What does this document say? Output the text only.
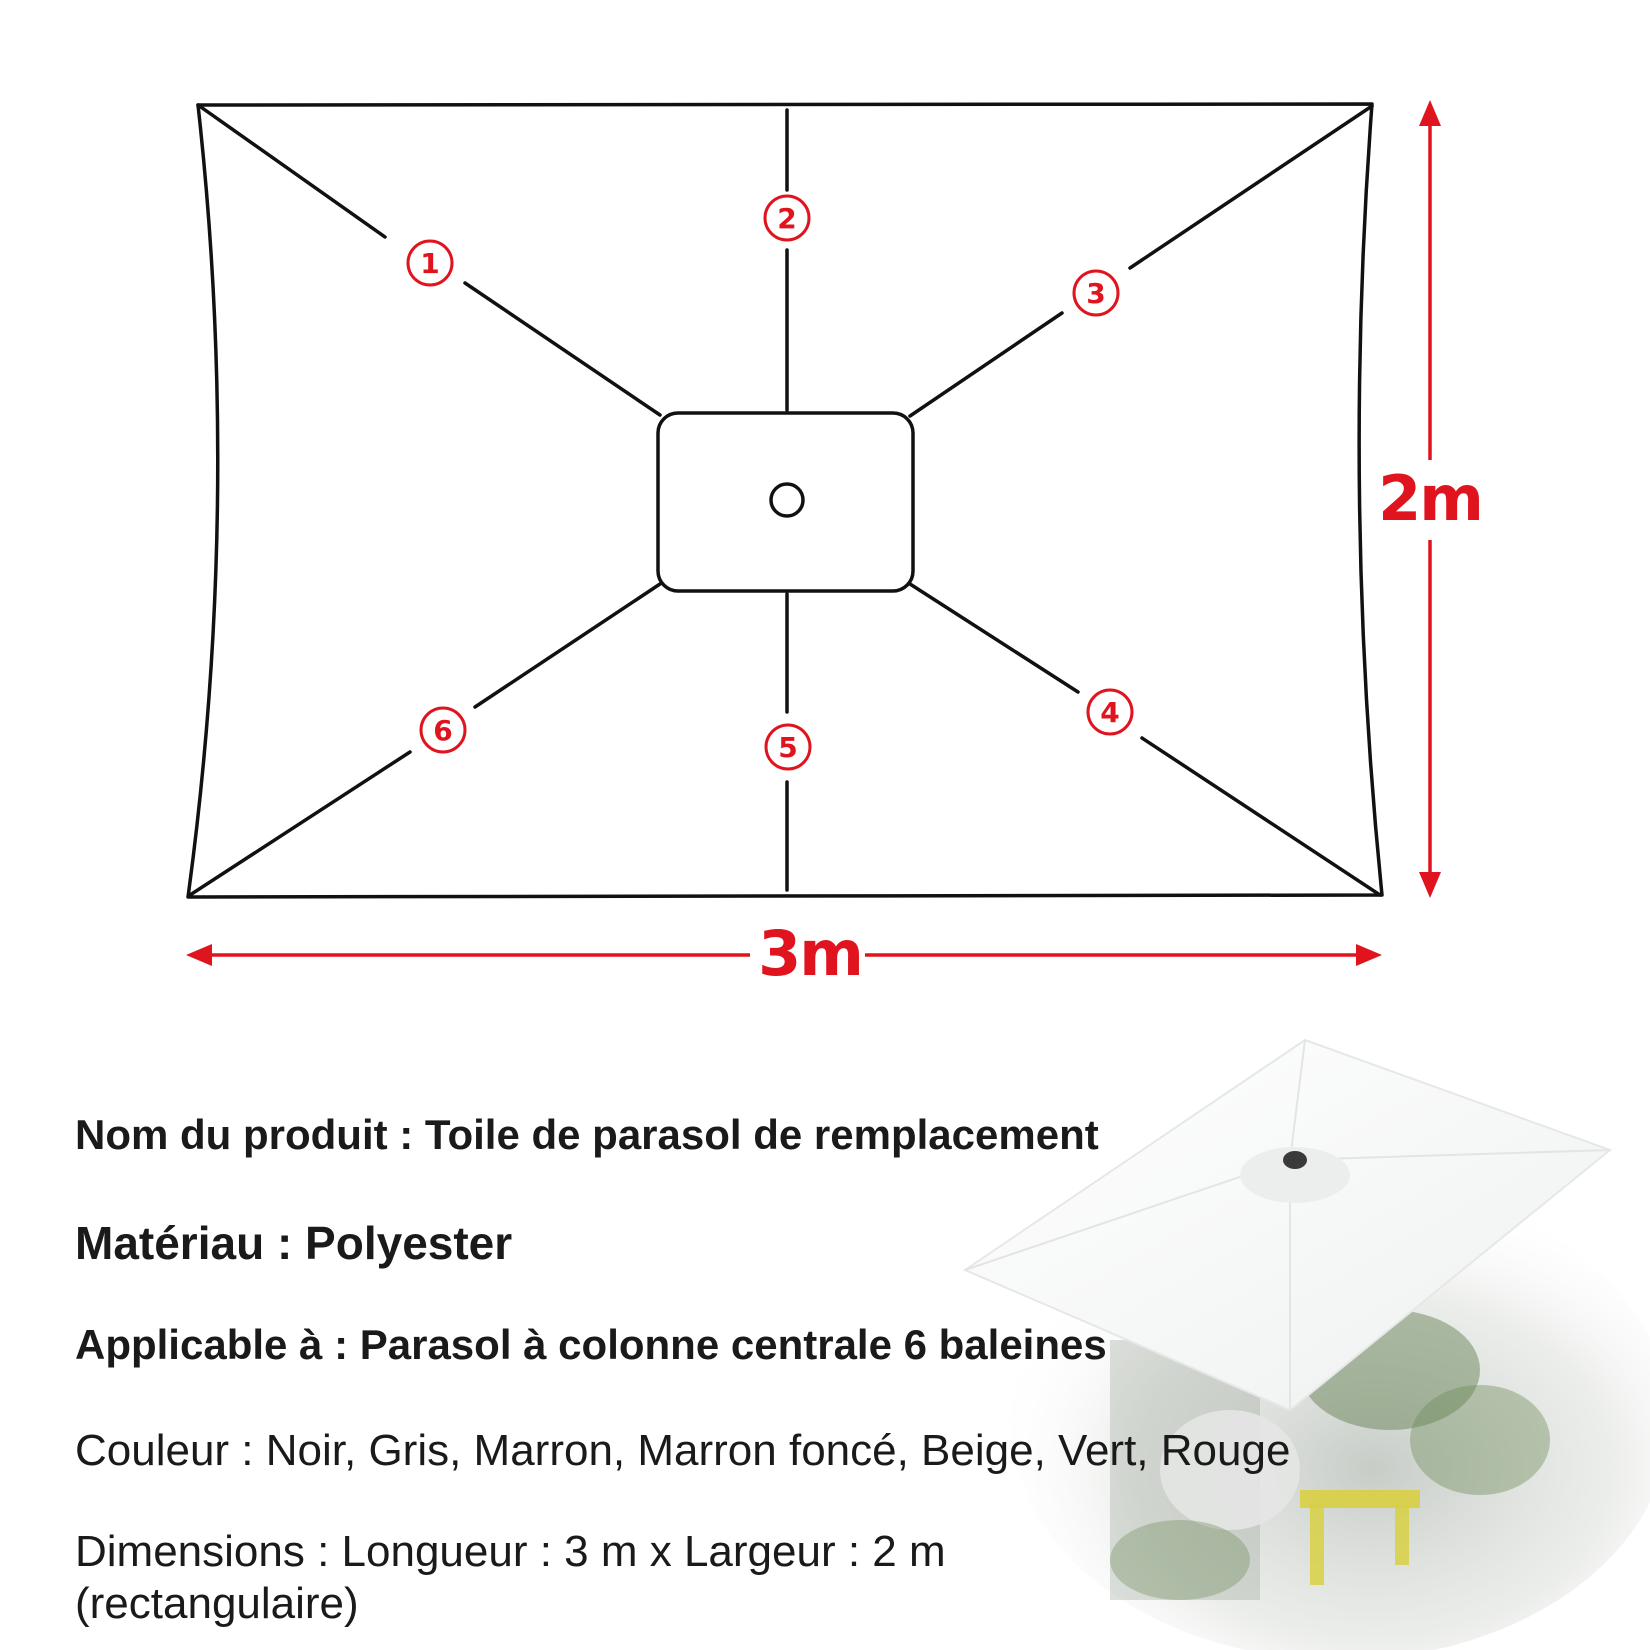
1
2
3
4
5
6
3m
2m
Nom du produit : Toile de parasol de remplacement
Matériau : Polyester
Applicable à : Parasol à colonne centrale 6 baleines
Couleur : Noir, Gris, Marron, Marron foncé, Beige, Vert, Rouge
Dimensions : Longueur : 3 m x Largeur : 2 m
(rectangulaire)
